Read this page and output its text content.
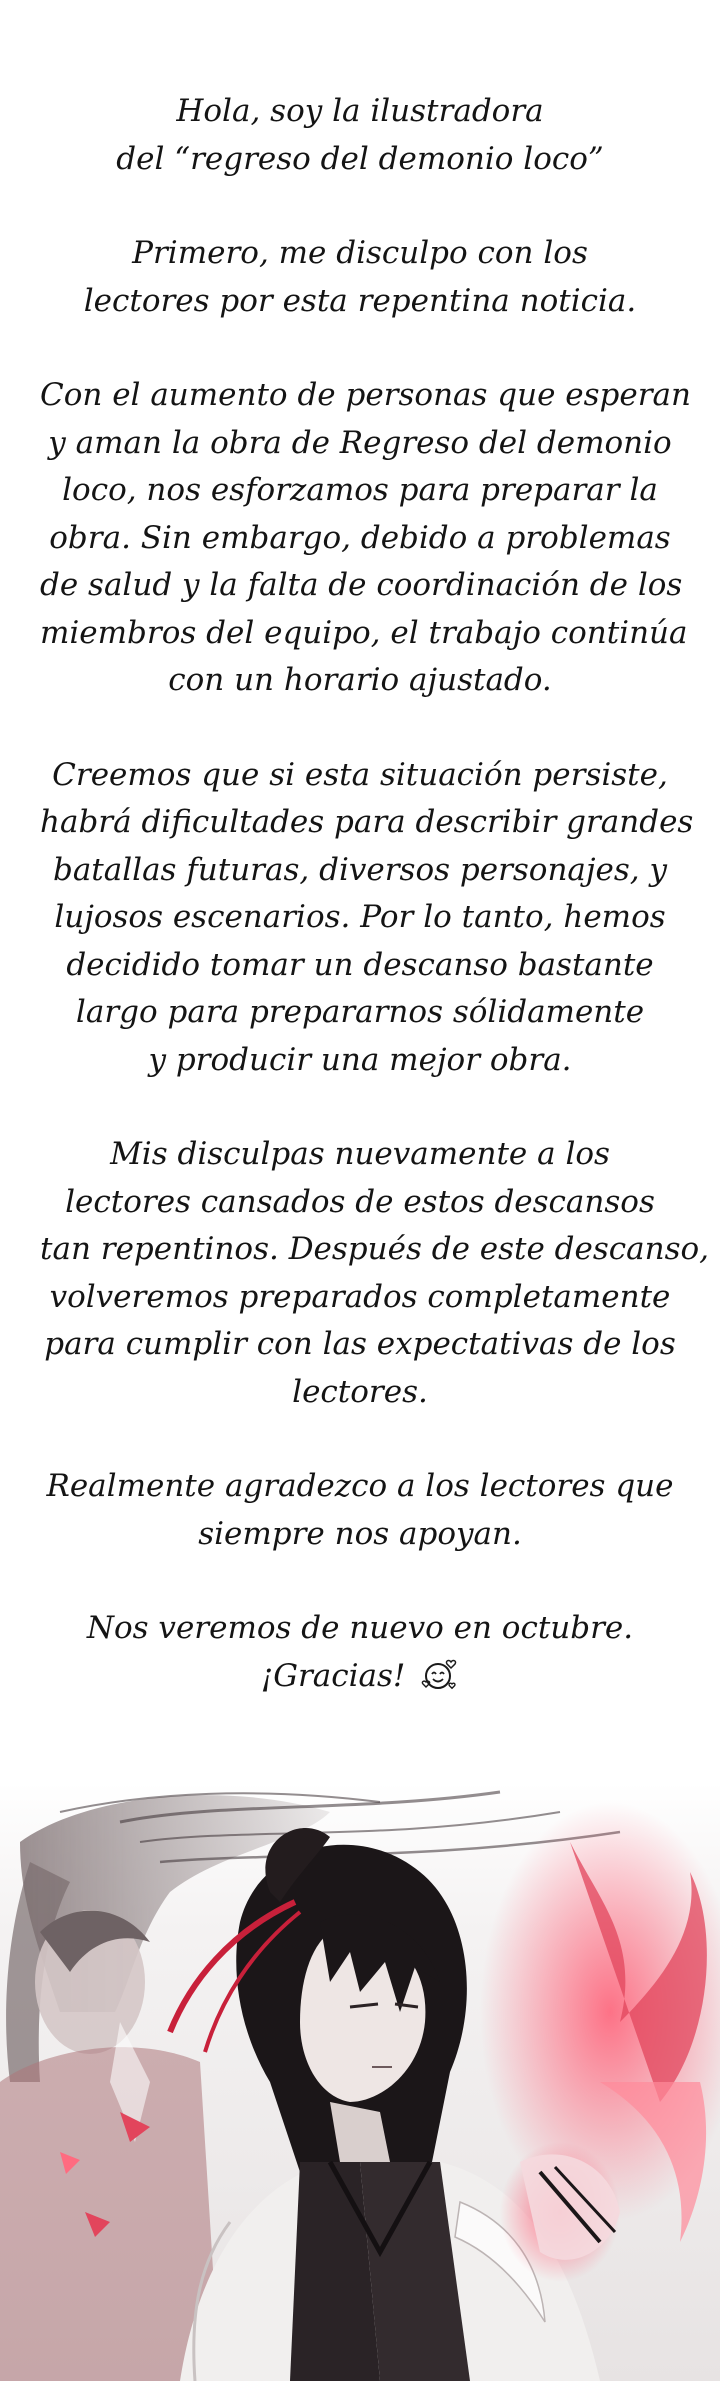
Hola, soy la ilustradora
del “regreso del demonio loco”

Primero, me disculpo con los
lectores por esta repentina noticia.

Con el aumento de personas que esperan
y aman la obra de Regreso del demonio
loco, nos esforzamos para preparar la
obra. Sin embargo, debido a problemas
de salud y la falta de coordinación de los
miembros del equipo, el trabajo continúa
con un horario ajustado.

Creemos que si esta situación persiste,
habrá dificultades para describir grandes
batallas futuras, diversos personajes, y
lujosos escenarios. Por lo tanto, hemos
decidido tomar un descanso bastante
largo para prepararnos sólidamente
y producir una mejor obra.

Mis disculpas nuevamente a los
lectores cansados de estos descansos
tan repentinos. Después de este descanso,
volveremos preparados completamente
para cumplir con las expectativas de los
lectores.

Realmente agradezco a los lectores que
siempre nos apoyan.

Nos veremos de nuevo en octubre.
¡Gracias!
